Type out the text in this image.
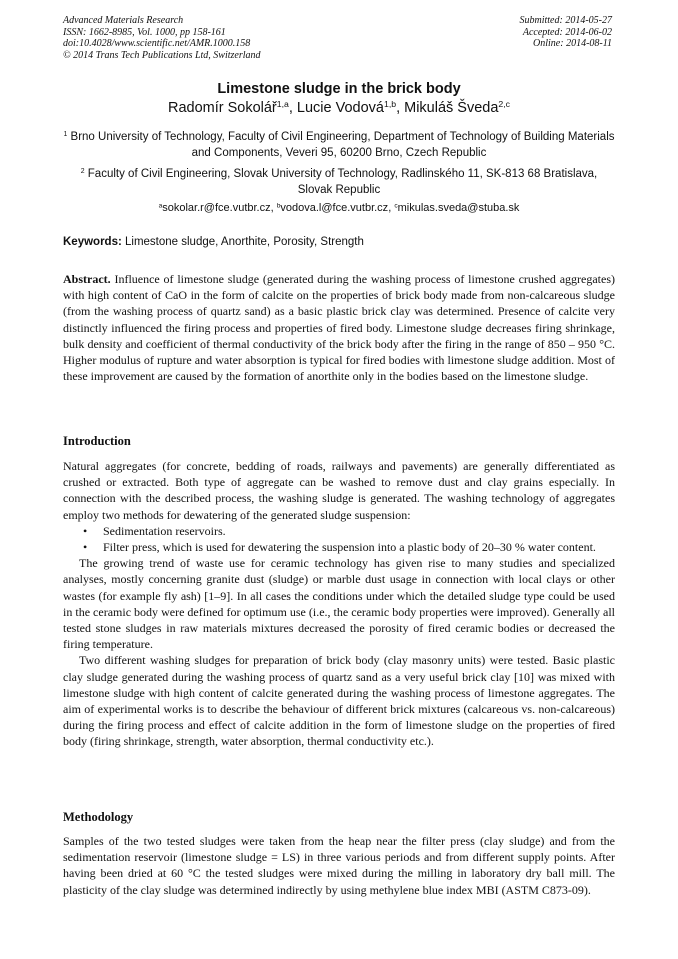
Advanced Materials Research
ISSN: 1662-8985, Vol. 1000, pp 158-161
doi:10.4028/www.scientific.net/AMR.1000.158
© 2014 Trans Tech Publications Ltd, Switzerland
Submitted: 2014-05-27
Accepted: 2014-06-02
Online: 2014-08-11
Limestone sludge in the brick body
Radomír Sokolář$^{1,a}$, Lucie Vodová$^{1,b}$, Mikuláš Šveda$^{2,c}$
$^1$ Brno University of Technology, Faculty of Civil Engineering, Department of Technology of Building Materials and Components, Veveri 95, 60200 Brno, Czech Republic
$^2$ Faculty of Civil Engineering, Slovak University of Technology, Radlinského 11, SK-813 68 Bratislava, Slovak Republic
$^a$sokolar.r@fce.vutbr.cz, $^b$vodova.l@fce.vutbr.cz, $^c$mikulas.sveda@stuba.sk
Keywords: Limestone sludge, Anorthite, Porosity, Strength

Abstract. Influence of limestone sludge (generated during the washing process of limestone crushed aggregates) with high content of CaO in the form of calcite on the properties of brick body made from non-calcareous sludge (from the washing process of quartz sand) as a basic plastic brick clay was determined. Presence of calcite very distinctly influenced the firing process and properties of fired body. Limestone sludge decreases firing shrinkage, bulk density and coefficient of thermal conductivity of the brick body after the firing in the range of 850 – 950 °C. Higher modulus of rupture and water absorption is typical for fired bodies with limestone sludge addition. Most of these improvement are caused by the formation of anorthite only in the bodies based on the limestone sludge.

Introduction

Natural aggregates (for concrete, bedding of roads, railways and pavements) are generally differentiated as crushed or extracted. Both type of aggregate can be washed to remove dust and clay grains especially. In connection with the described process, the washing sludge is generated. The washing technology of aggregates employ two methods for dewatering of the generated sludge suspension:

• Sedimentation reservoirs.
• Filter press, which is used for dewatering the suspension into a plastic body of 20–30 % water content.

The growing trend of waste use for ceramic technology has given rise to many studies and specialized analyses, mostly concerning granite dust (sludge) or marble dust usage in connection with local clays or other wastes (for example fly ash) [1–9]. In all cases the conditions under which the detailed sludge type could be used in the ceramic body were defined for optimum use (i.e., the ceramic body properties were improved). Generally all tested stone sludges in raw materials mixtures decreased the porosity of fired ceramic bodies or decreased the firing temperature.

Two different washing sludges for preparation of brick body (clay masonry units) were tested. Basic plastic clay sludge generated during the washing process of quartz sand as a very useful brick clay [10] was mixed with limestone sludge with high content of calcite generated during the washing process of limestone aggregates. The aim of experimental works is to describe the behaviour of different brick mixtures (calcareous vs. non-calcareous) during the firing process and effect of calcite addition in the form of limestone sludge on the properties of fired body (firing shrinkage, strength, water absorption, thermal conductivity etc.).

Methodology

Samples of the two tested sludges were taken from the heap near the filter press (clay sludge) and from the sedimentation reservoir (limestone sludge = LS) in three various periods and from different supply points. After having been dried at 60 °C the tested sludges were mixed during the milling in laboratory dry ball mill. The plasticity of the clay sludge was determined indirectly by using methylene blue index MBI (ASTM C873-09).
